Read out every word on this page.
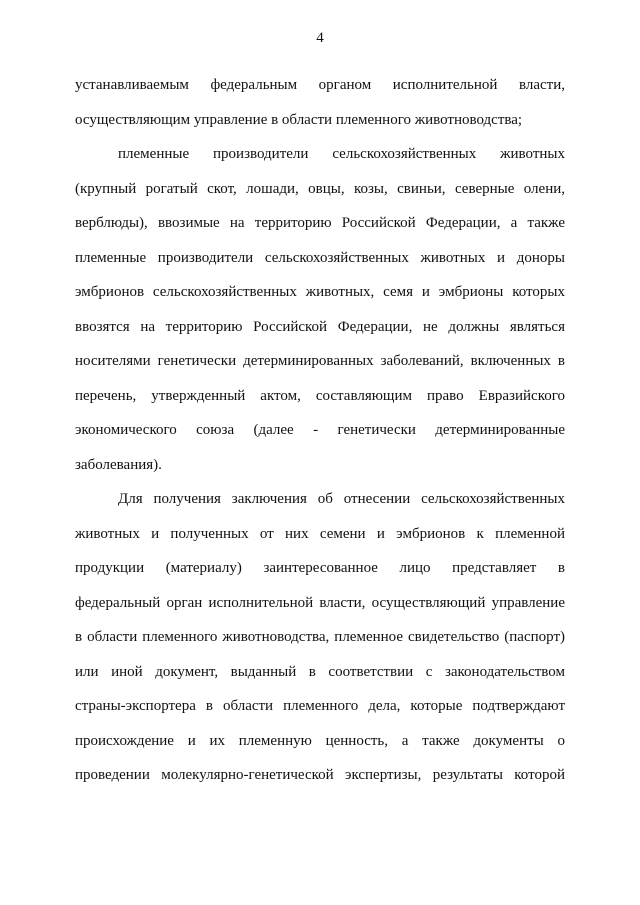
4
устанавливаемым федеральным органом исполнительной власти,
осуществляющим управление в области племенного животноводства;
племенные производители сельскохозяйственных животных
(крупный рогатый скот, лошади, овцы, козы, свиньи, северные олени,
верблюды), ввозимые на территорию Российской Федерации, а также
племенные производители сельскохозяйственных животных и доноры
эмбрионов сельскохозяйственных животных, семя и эмбрионы которых
ввозятся на территорию Российской Федерации, не должны являться
носителями генетически детерминированных заболеваний, включенных в
перечень, утвержденный актом, составляющим право Евразийского
экономического союза (далее - генетически детерминированные
заболевания).
Для получения заключения об отнесении сельскохозяйственных
животных и полученных от них семени и эмбрионов к племенной
продукции (материалу) заинтересованное лицо представляет в
федеральный орган исполнительной власти, осуществляющий управление
в области племенного животноводства, племенное свидетельство (паспорт)
или иной документ, выданный в соответствии с законодательством
страны-экспортера в области племенного дела, которые подтверждают
происхождение и их племенную ценность, а также документы о
проведении молекулярно-генетической экспертизы, результаты которой
